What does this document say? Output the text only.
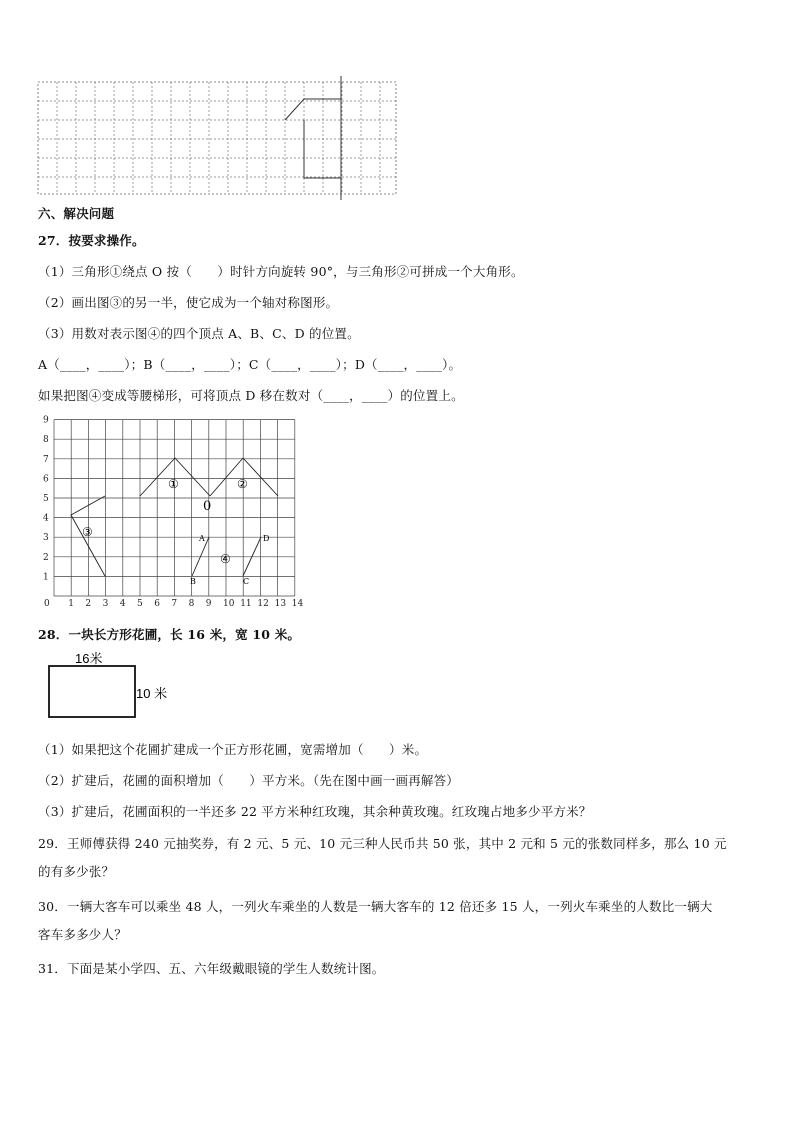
六、解决问题
27．按要求操作。
（1）三角形①绕点 O 按（　　）时针方向旋转 90°，与三角形②可拼成一个大角形。
（2）画出图③的另一半，使它成为一个轴对称图形。
（3）用数对表示图④的四个顶点 A、B、C、D 的位置。
A（____，____）；B（____，____）；C（____，____）；D（____，____）。
如果把图④变成等腰梯形，可将顶点 D 移在数对（____，____）的位置上。
0 1 2 3 4 5 6 7 8 9 10 11 12 13 14
1
2
3
4
5
6
7
8
9
①	②
③
④
0
A
B	C
D
28．一块长方形花圃，长 16 米，宽 10 米。
16米
10 米
（1）如果把这个花圃扩建成一个正方形花圃，宽需增加（　　）米。
（2）扩建后，花圃的面积增加（　　）平方米。（先在图中画一画再解答）
（3）扩建后，花圃面积的一半还多 22 平方米种红玫瑰，其余种黄玫瑰。红玫瑰占地多少平方米？
29．王师傅获得 240 元抽奖券，有 2 元、5 元、10 元三种人民币共 50 张，其中 2 元和 5 元的张数同样多，那么 10 元
的有多少张？
30．一辆大客车可以乘坐 48 人，一列火车乘坐的人数是一辆大客车的 12 倍还多 15 人，一列火车乘坐的人数比一辆大
客车多多少人？
31．下面是某小学四、五、六年级戴眼镜的学生人数统计图。
